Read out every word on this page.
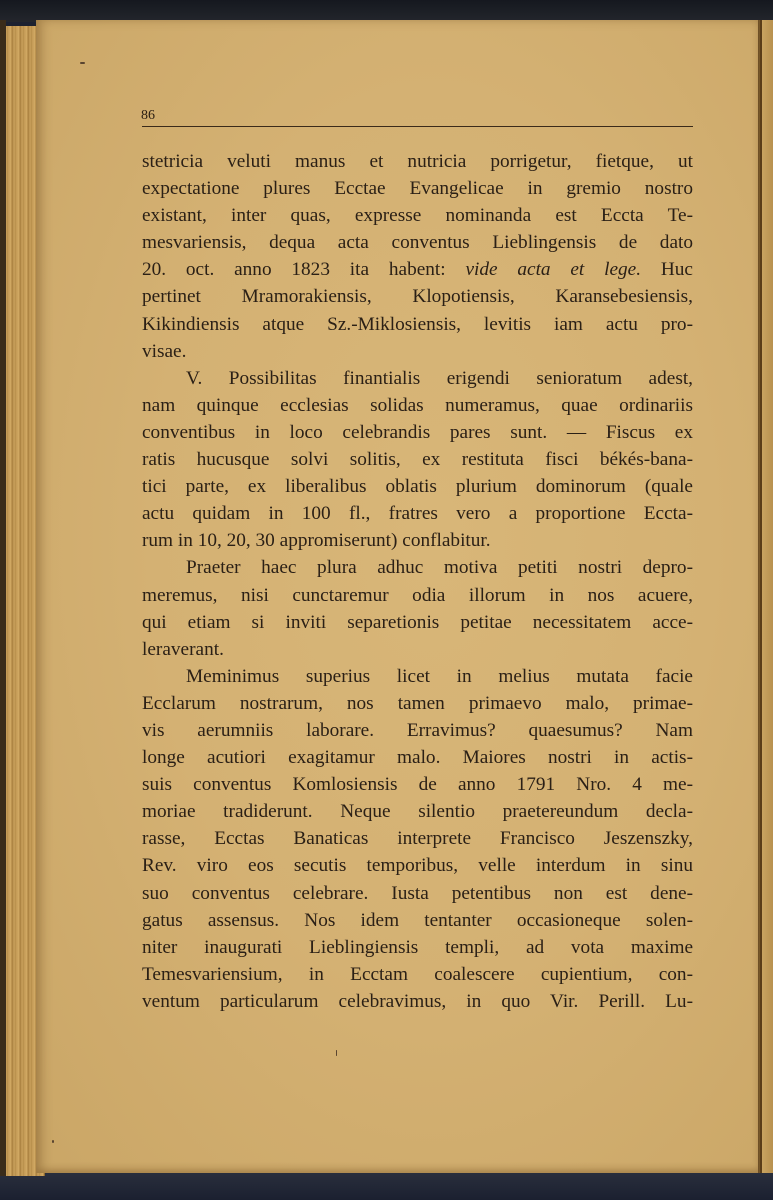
86
stetricia veluti manus et nutricia porrigetur, fietque, ut
expectatione plures Ecctae Evangelicae in gremio nostro
existant, inter quas, expresse nominanda est Eccta Te-
mesvariensis, dequa acta conventus Lieblingensis de dato
20. oct. anno 1823 ita habent: vide acta et lege. Huc
pertinet Mramorakiensis, Klopotiensis, Karansebesiensis,
Kikindiensis atque Sz.-Miklosiensis, levitis iam actu pro-
visae.
V. Possibilitas finantialis erigendi senioratum adest,
nam quinque ecclesias solidas numeramus, quae ordinariis
conventibus in loco celebrandis pares sunt. — Fiscus ex
ratis hucusque solvi solitis, ex restituta fisci békés-bana-
tici parte, ex liberalibus oblatis plurium dominorum (quale
actu quidam in 100 fl., fratres vero a proportione Eccta-
rum in 10, 20, 30 appromiserunt) conflabitur.
Praeter haec plura adhuc motiva petiti nostri depro-
meremus, nisi cunctaremur odia illorum in nos acuere,
qui etiam si inviti separetionis petitae necessitatem acce-
leraverant.
Meminimus superius licet in melius mutata facie
Ecclarum nostrarum, nos tamen primaevo malo, primae-
vis aerumniis laborare. Erravimus? quaesumus? Nam
longe acutiori exagitamur malo. Maiores nostri in actis-
suis conventus Komlosiensis de anno 1791 Nro. 4 me-
moriae tradiderunt. Neque silentio praetereundum decla-
rasse, Ecctas Banaticas interprete Francisco Jeszenszky,
Rev. viro eos secutis temporibus, velle interdum in sinu
suo conventus celebrare. Iusta petentibus non est dene-
gatus assensus. Nos idem tentanter occasioneque solen-
niter inaugurati Lieblingiensis templi, ad vota maxime
Temesvariensium, in Ecctam coalescere cupientium, con-
ventum particularum celebravimus, in quo Vir. Perill. Lu-
